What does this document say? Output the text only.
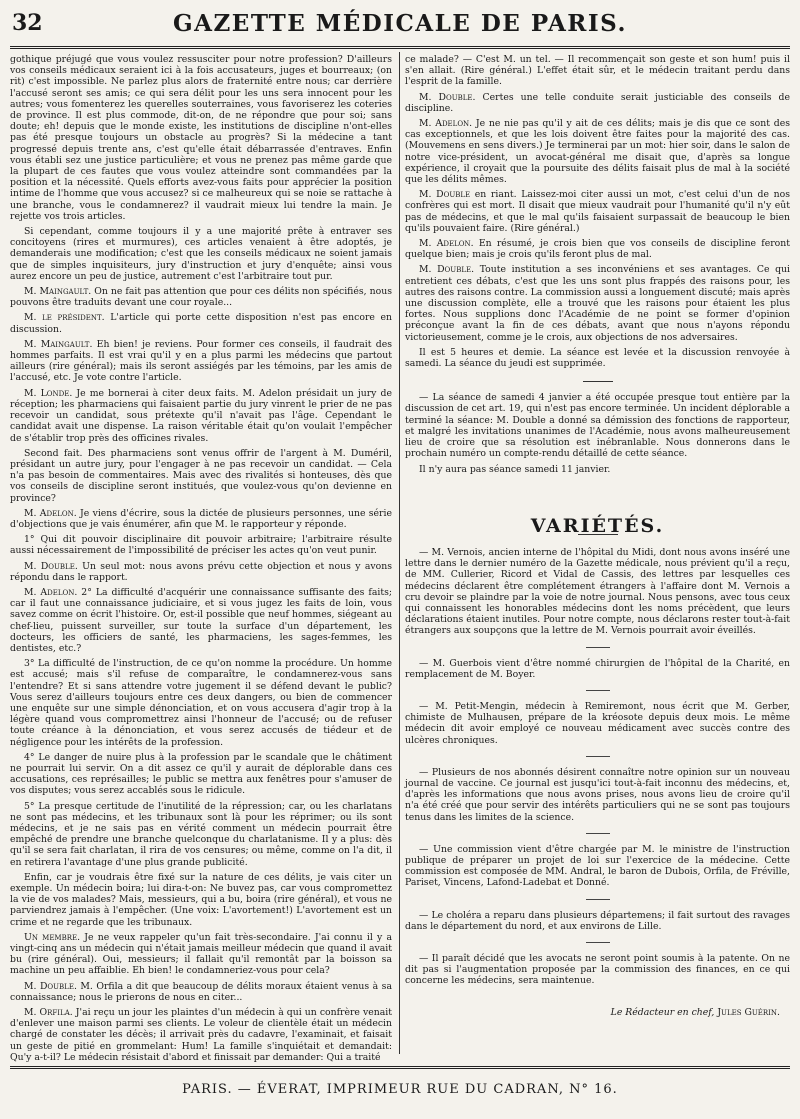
32	GAZETTE MÉDICALE DE PARIS.

gothique préjugé que vous voulez ressusciter pour notre profession? D'ailleurs vos conseils médicaux seraient ici à la fois accusateurs, juges et bourreaux; (on rit) c'est impossible. Ne parlez plus alors de fraternité entre nous; car derrière l'accusé seront ses amis; ce qui sera délit pour les uns sera innocent pour les autres; vous fomenterez les querelles souterraines, vous favoriserez les coteries de province. Il est plus commode, dit-on, de ne répondre que pour soi; sans doute; eh! depuis que le monde existe, les institutions de discipline n'ont-elles pas été presque toujours un obstacle au progrès? Si la médecine a tant progressé depuis trente ans, c'est qu'elle était débarrassée d'entraves. Enfin vous établi sez une justice particulière; et vous ne prenez pas même garde que la plupart de ces fautes que vous voulez atteindre sont commandées par la position et la nécessité. Quels efforts avez-vous faits pour apprécier la position intime de l'homme que vous accusez? si ce malheureux qui se noie se rattache à une branche, vous le condamnerez? il vaudrait mieux lui tendre la main. Je rejette vos trois articles.

Si cependant, comme toujours il y a une majorité prête à entraver ses concitoyens (rires et murmures), ces articles venaient à être adoptés, je demanderais une modification; c'est que les conseils médicaux ne soient jamais que de simples inquisiteurs, jury d'instruction et jury d'enquête; ainsi vous aurez encore un peu de justice, autrement c'est l'arbitraire tout pur.

M. Maingault. On ne fait pas attention que pour ces délits non spécifiés, nous pouvons être traduits devant une cour royale...

M. le président. L'article qui porte cette disposition n'est pas encore en discussion.

M. Maingault. Eh bien! je reviens. Pour former ces conseils, il faudrait des hommes parfaits. Il est vrai qu'il y en a plus parmi les médecins que partout ailleurs (rire général); mais ils seront assiégés par les témoins, par les amis de l'accusé, etc. Je vote contre l'article.

M. Londe. Je me bornerai à citer deux faits. M. Adelon présidait un jury de réception; les pharmaciens qui faisaient partie du jury vinrent le prier de ne pas recevoir un candidat, sous prétexte qu'il n'avait pas l'âge. Cependant le candidat avait une dispense. La raison véritable était qu'on voulait l'empêcher de s'établir trop près des officines rivales.

Second fait. Des pharmaciens sont venus offrir de l'argent à M. Duméril, présidant un autre jury, pour l'engager à ne pas recevoir un candidat. — Cela n'a pas besoin de commentaires. Mais avec des rivalités si honteuses, dès que vos conseils de discipline seront institués, que voulez-vous qu'on devienne en province?

M. Adelon. Je viens d'écrire, sous la dictée de plusieurs personnes, une série d'objections que je vais énumérer, afin que M. le rapporteur y réponde.

1° Qui dit pouvoir disciplinaire dit pouvoir arbitraire; l'arbitraire résulte aussi nécessairement de l'impossibilité de préciser les actes qu'on veut punir.

M. Double. Un seul mot: nous avons prévu cette objection et nous y avons répondu dans le rapport.

M. Adelon. 2° La difficulté d'acquérir une connaissance suffisante des faits; car il faut une connaissance judiciaire, et si vous jugez les faits de loin, vous savez comme on écrit l'histoire. Or, est-il possible que neuf hommes, siégeant au chef-lieu, puissent surveiller, sur toute la surface d'un département, les docteurs, les officiers de santé, les pharmaciens, les sages-femmes, les dentistes, etc.?

3° La difficulté de l'instruction, de ce qu'on nomme la procédure. Un homme est accusé; mais s'il refuse de comparaître, le condamnerez-vous sans l'entendre? Et si sans attendre votre jugement il se défend devant le public? Vous serez d'ailleurs toujours entre ces deux dangers, ou bien de commencer une enquête sur une simple dénonciation, et on vous accusera d'agir trop à la légère quand vous compromettrez ainsi l'honneur de l'accusé; ou de refuser toute créance à la dénonciation, et vous serez accusés de tiédeur et de négligence pour les intérêts de la profession.

4° Le danger de nuire plus à la profession par le scandale que le châtiment ne pourrait lui servir. On a dit assez ce qu'il y aurait de déplorable dans ces accusations, ces représailles; le public se mettra aux fenêtres pour s'amuser de vos disputes; vous serez accablés sous le ridicule.

5° La presque certitude de l'inutilité de la répression; car, ou les charlatans ne sont pas médecins, et les tribunaux sont là pour les réprimer; ou ils sont médecins, et je ne sais pas en vérité comment un médecin pourrait être empêché de prendre une branche quelconque du charlatanisme. Il y a plus: dès qu'il se sera fait charlatan, il rira de vos censures; ou même, comme on l'a dit, il en retirera l'avantage d'une plus grande publicité.

Enfin, car je voudrais être fixé sur la nature de ces délits, je vais citer un exemple. Un médecin boira; lui dira-t-on: Ne buvez pas, car vous compromettez la vie de vos malades? Mais, messieurs, qui a bu, boira (rire général), et vous ne parviendrez jamais à l'empêcher. (Une voix: L'avortement!) L'avortement est un crime et ne regarde que les tribunaux.

Un membre. Je ne veux rappeler qu'un fait très-secondaire. J'ai connu il y a vingt-cinq ans un médecin qui n'était jamais meilleur médecin que quand il avait bu (rire général). Oui, messieurs; il fallait qu'il remontât par la boisson sa machine un peu affaiblie. Eh bien! le condamneriez-vous pour cela?

M. Double. M. Orfila a dit que beaucoup de délits moraux étaient venus à sa connaissance; nous le prierons de nous en citer...

M. Orfila. J'ai reçu un jour les plaintes d'un médecin à qui un confrère venait d'enlever une maison parmi ses clients. Le voleur de clientèle était un médecin chargé de constater les décès; il arrivait près du cadavre, l'examinait, et faisait un geste de pitié en grommelant: Hum! La famille s'inquiétait et demandait: Qu'y a-t-il? Le médecin résistait d'abord et finissait par demander: Qui a traité

ce malade? — C'est M. un tel. — Il recommençait son geste et son hum! puis il s'en allait. (Rire général.) L'effet était sûr, et le médecin traitant perdu dans l'esprit de la famille.

M. Double. Certes une telle conduite serait justiciable des conseils de discipline.

M. Adelon. Je ne nie pas qu'il y ait de ces délits; mais je dis que ce sont des cas exceptionnels, et que les lois doivent être faites pour la majorité des cas. (Mouvemens en sens divers.) Je terminerai par un mot: hier soir, dans le salon de notre vice-président, un avocat-général me disait que, d'après sa longue expérience, il croyait que la poursuite des délits faisait plus de mal à la société que les délits mêmes.

M. Double en riant. Laissez-moi citer aussi un mot, c'est celui d'un de nos confrères qui est mort. Il disait que mieux vaudrait pour l'humanité qu'il n'y eût pas de médecins, et que le mal qu'ils faisaient surpassait de beaucoup le bien qu'ils pouvaient faire. (Rire général.)

M. Adelon. En résumé, je crois bien que vos conseils de discipline feront quelque bien; mais je crois qu'ils feront plus de mal.

M. Double. Toute institution a ses inconvéniens et ses avantages. Ce qui entretient ces débats, c'est que les uns sont plus frappés des raisons pour, les autres des raisons contre. La commission aussi a longuement discuté; mais après une discussion complète, elle a trouvé que les raisons pour étaient les plus fortes. Nous supplions donc l'Académie de ne point se former d'opinion préconçue avant la fin de ces débats, avant que nous n'ayons répondu victorieusement, comme je le crois, aux objections de nos adversaires.

Il est 5 heures et demie. La séance est levée et la discussion renvoyée à samedi. La séance du jeudi est supprimée.

— La séance de samedi 4 janvier a été occupée presque tout entière par la discussion de cet art. 19, qui n'est pas encore terminée. Un incident déplorable a terminé la séance: M. Double a donné sa démission des fonctions de rapporteur, et malgré les invitations unanimes de l'Académie, nous avons malheureusement lieu de croire que sa résolution est inébranlable. Nous donnerons dans le prochain numéro un compte-rendu détaillé de cette séance.

Il n'y aura pas séance samedi 11 janvier.

VARIÉTÉS.

— M. Vernois, ancien interne de l'hôpital du Midi, dont nous avons inséré une lettre dans le dernier numéro de la Gazette médicale, nous prévient qu'il a reçu, de MM. Cullerier, Ricord et Vidal de Cassis, des lettres par lesquelles ces médecins déclarent être complétement étrangers à l'affaire dont M. Vernois a cru devoir se plaindre par la voie de notre journal. Nous pensons, avec tous ceux qui connaissent les honorables médecins dont les noms précèdent, que leurs déclarations étaient inutiles. Pour notre compte, nous déclarons rester tout-à-fait étrangers aux soupçons que la lettre de M. Vernois pourrait avoir éveillés.

— M. Guerbois vient d'être nommé chirurgien de l'hôpital de la Charité, en remplacement de M. Boyer.

— M. Petit-Mengin, médecin à Remiremont, nous écrit que M. Gerber, chimiste de Mulhausen, prépare de la kréosote depuis deux mois. Le même médecin dit avoir employé ce nouveau médicament avec succès contre des ulcères chroniques.

— Plusieurs de nos abonnés désirent connaître notre opinion sur un nouveau journal de vaccine. Ce journal est jusqu'ici tout-à-fait inconnu des médecins, et, d'après les informations que nous avons prises, nous avons lieu de croire qu'il n'a été créé que pour servir des intérêts particuliers qui ne se sont pas toujours tenus dans les limites de la science.

— Une commission vient d'être chargée par M. le ministre de l'instruction publique de préparer un projet de loi sur l'exercice de la médecine. Cette commission est composée de MM. Andral, le baron de Dubois, Orfila, de Fréville, Pariset, Vincens, Lafond-Ladebat et Donné.

— Le choléra a reparu dans plusieurs départemens; il fait surtout des ravages dans le département du nord, et aux environs de Lille.

— Il paraît décidé que les avocats ne seront point soumis à la patente. On ne dit pas si l'augmentation proposée par la commission des finances, en ce qui concerne les médecins, sera maintenue.

Le Rédacteur en chef, Jules Guérin.
PARIS. — ÉVERAT, IMPRIMEUR RUE DU CADRAN, N° 16.
